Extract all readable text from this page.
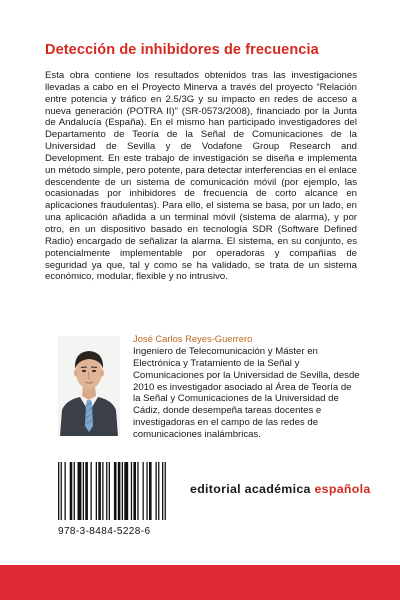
Detección de inhibidores de frecuencia

Esta obra contiene los resultados obtenidos tras las investigaciones llevadas a cabo en el Proyecto Minerva a través del proyecto “Relación entre potencia y tráfico en 2.5/3G y su impacto en redes de acceso a nueva generación (POTRA II)” (SR-0573/2008), financiado por la Junta de Andalucía (España). En el mismo han participado investigadores del Departamento de Teoría de la Señal de Comunicaciones de la Universidad de Sevilla y de Vodafone Group Research and Development. En este trabajo de investigación se diseña e implementa un método simple, pero potente, para detectar interferencias en el enlace descendente de un sistema de comunicación móvil (por ejemplo, las ocasionadas por inhibidores de frecuencia de corto alcance en aplicaciones fraudulentas). Para ello, el sistema se basa, por un lado, en una aplicación añadida a un terminal móvil (sistema de alarma), y por otro, en un dispositivo basado en tecnología SDR (Software Defined Radio) encargado de señalizar la alarma. El sistema, en su conjunto, es potencialmente implementable por operadoras y compañías de seguridad ya que, tal y como se ha validado, se trata de un sistema económico, modular, flexible y no intrusivo.

José Carlos Reyes-Guerrero

Ingeniero de Telecomunicación y Máster en Electrónica y Tratamiento de la Señal y Comunicaciones por la Universidad de Sevilla, desde 2010 es investigador asociado al Área de Teoría de la Señal y Comunicaciones de la Universidad de Cádiz, donde desempeña tareas docentes e investigadoras en el campo de las redes de comunicaciones inalámbricas.

978-3-8484-5228-6
editorial académica española
